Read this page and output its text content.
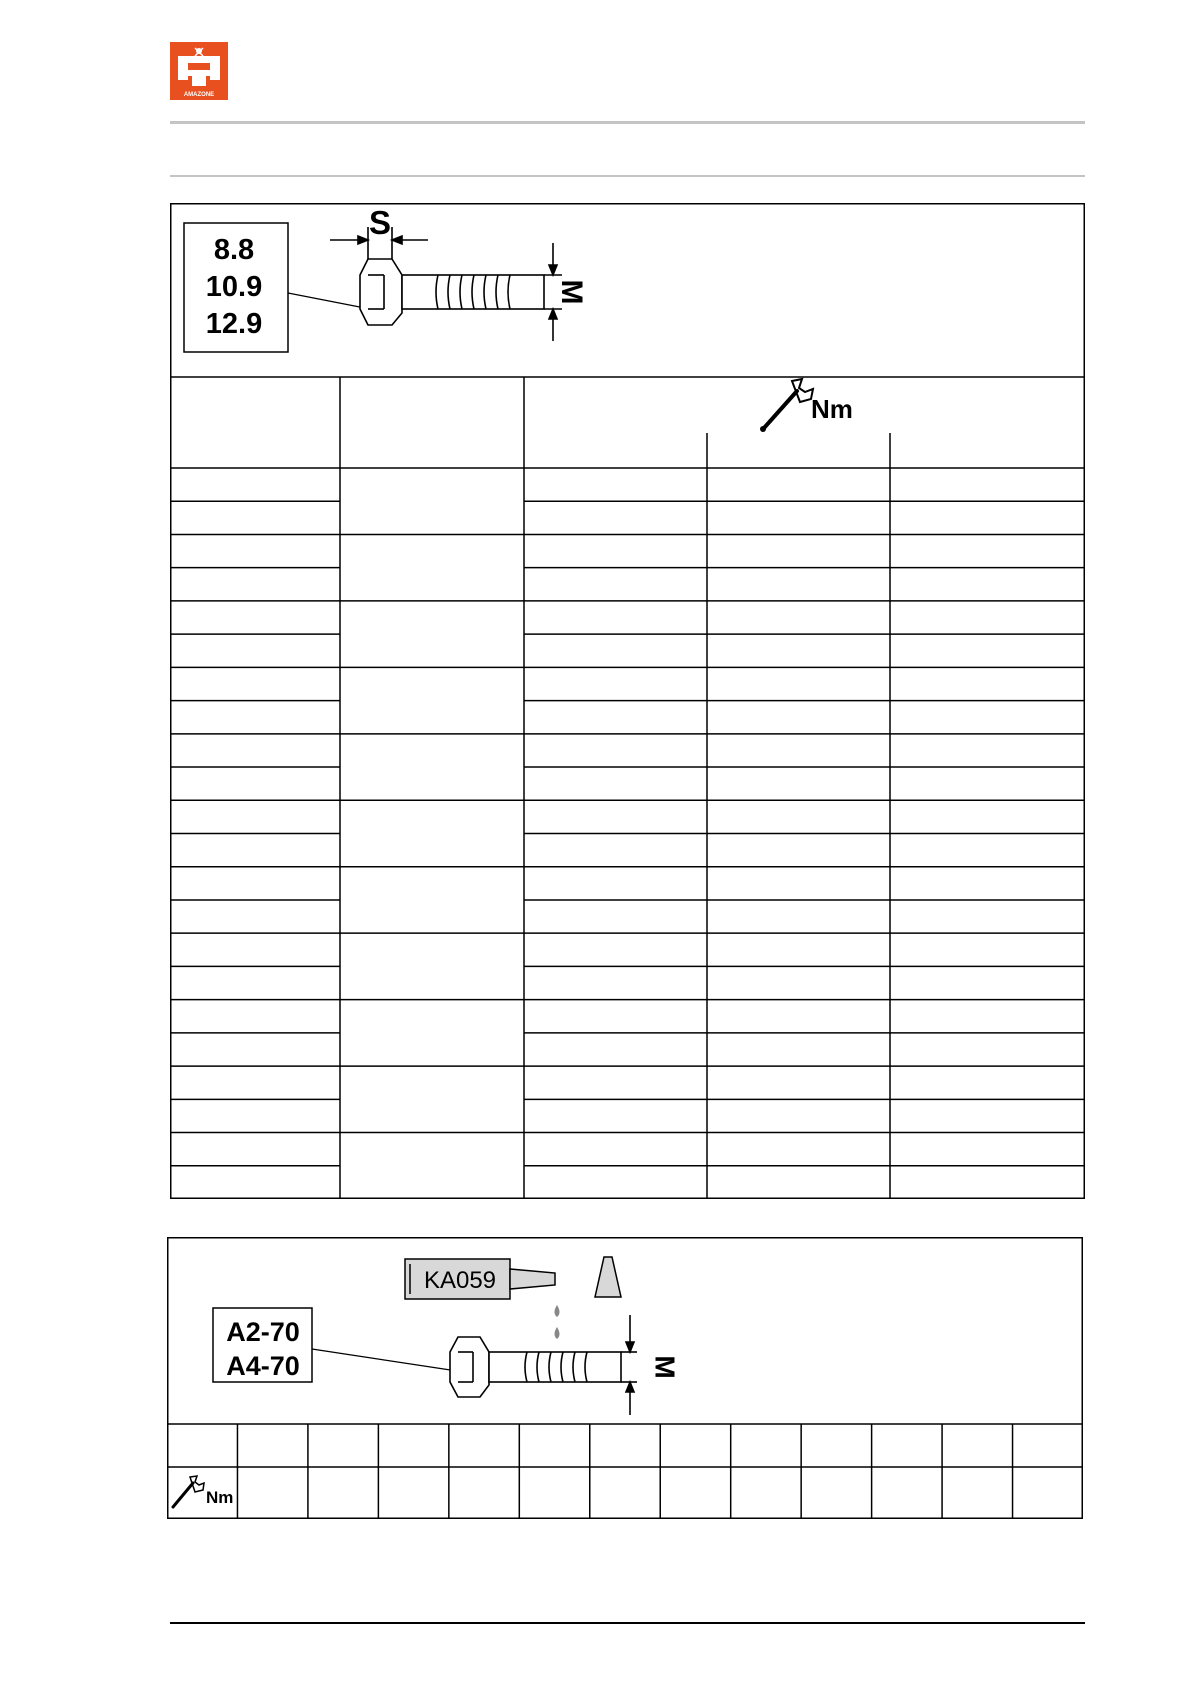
AMAZONE
8.8
10.9
12.9
S
M
Nm
A2-70
A4-70
KA059
M
Nm
